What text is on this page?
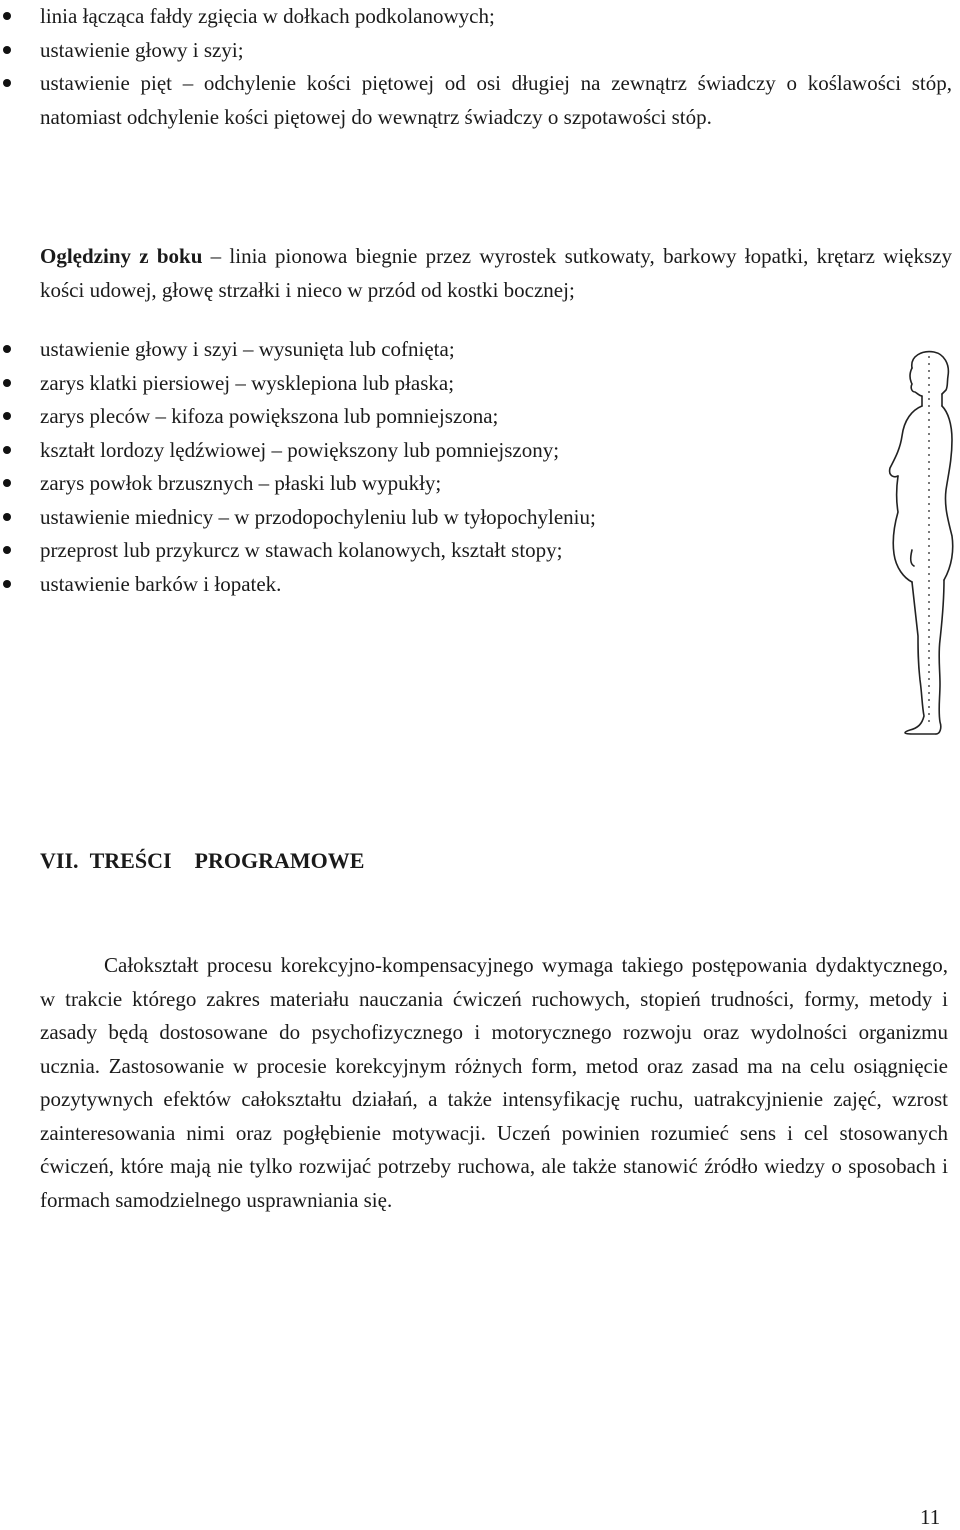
linia łącząca fałdy zgięcia w dołkach podkolanowych;
ustawienie głowy i szyi;
ustawienie pięt – odchylenie kości piętowej od osi długiej na zewnątrz świadczy o koślawości stóp, natomiast odchylenie kości piętowej do wewnątrz świadczy o szpotawości stóp.

Oględziny z boku – linia pionowa biegnie przez wyrostek sutkowaty, barkowy łopatki, krętarz większy kości udowej, głowę strzałki i nieco w przód od kostki bocznej;

ustawienie głowy i szyi – wysunięta lub cofnięta;
zarys klatki piersiowej – wysklepiona lub płaska;
zarys pleców – kifoza powiększona lub pomniejszona;
kształt lordozy lędźwiowej – powiększony lub pomniejszony;
zarys powłok brzusznych – płaski lub wypukły;
ustawienie miednicy – w przodopochyleniu lub w tyłopochyleniu;
przeprost lub przykurcz w stawach kolanowych, kształt stopy;
ustawienie barków i łopatek.

VII. TREŚCI  PROGRAMOWE

Całokształt procesu korekcyjno-kompensacyjnego wymaga takiego postępowania dydaktycznego, w trakcie którego zakres materiału nauczania ćwiczeń ruchowych, stopień trudności, formy, metody i zasady będą dostosowane do psychofizycznego i motorycznego rozwoju oraz wydolności organizmu ucznia. Zastosowanie w procesie korekcyjnym różnych form, metod oraz zasad ma na celu osiągnięcie pozytywnych efektów całokształtu działań, a także intensyfikację ruchu, uatrakcyjnienie zajęć, wzrost zainteresowania nimi oraz pogłębienie motywacji. Uczeń powinien rozumieć sens i cel stosowanych ćwiczeń, które mają nie tylko rozwijać potrzeby ruchowa, ale także stanowić źródło wiedzy o sposobach i formach samodzielnego usprawniania się.

11
